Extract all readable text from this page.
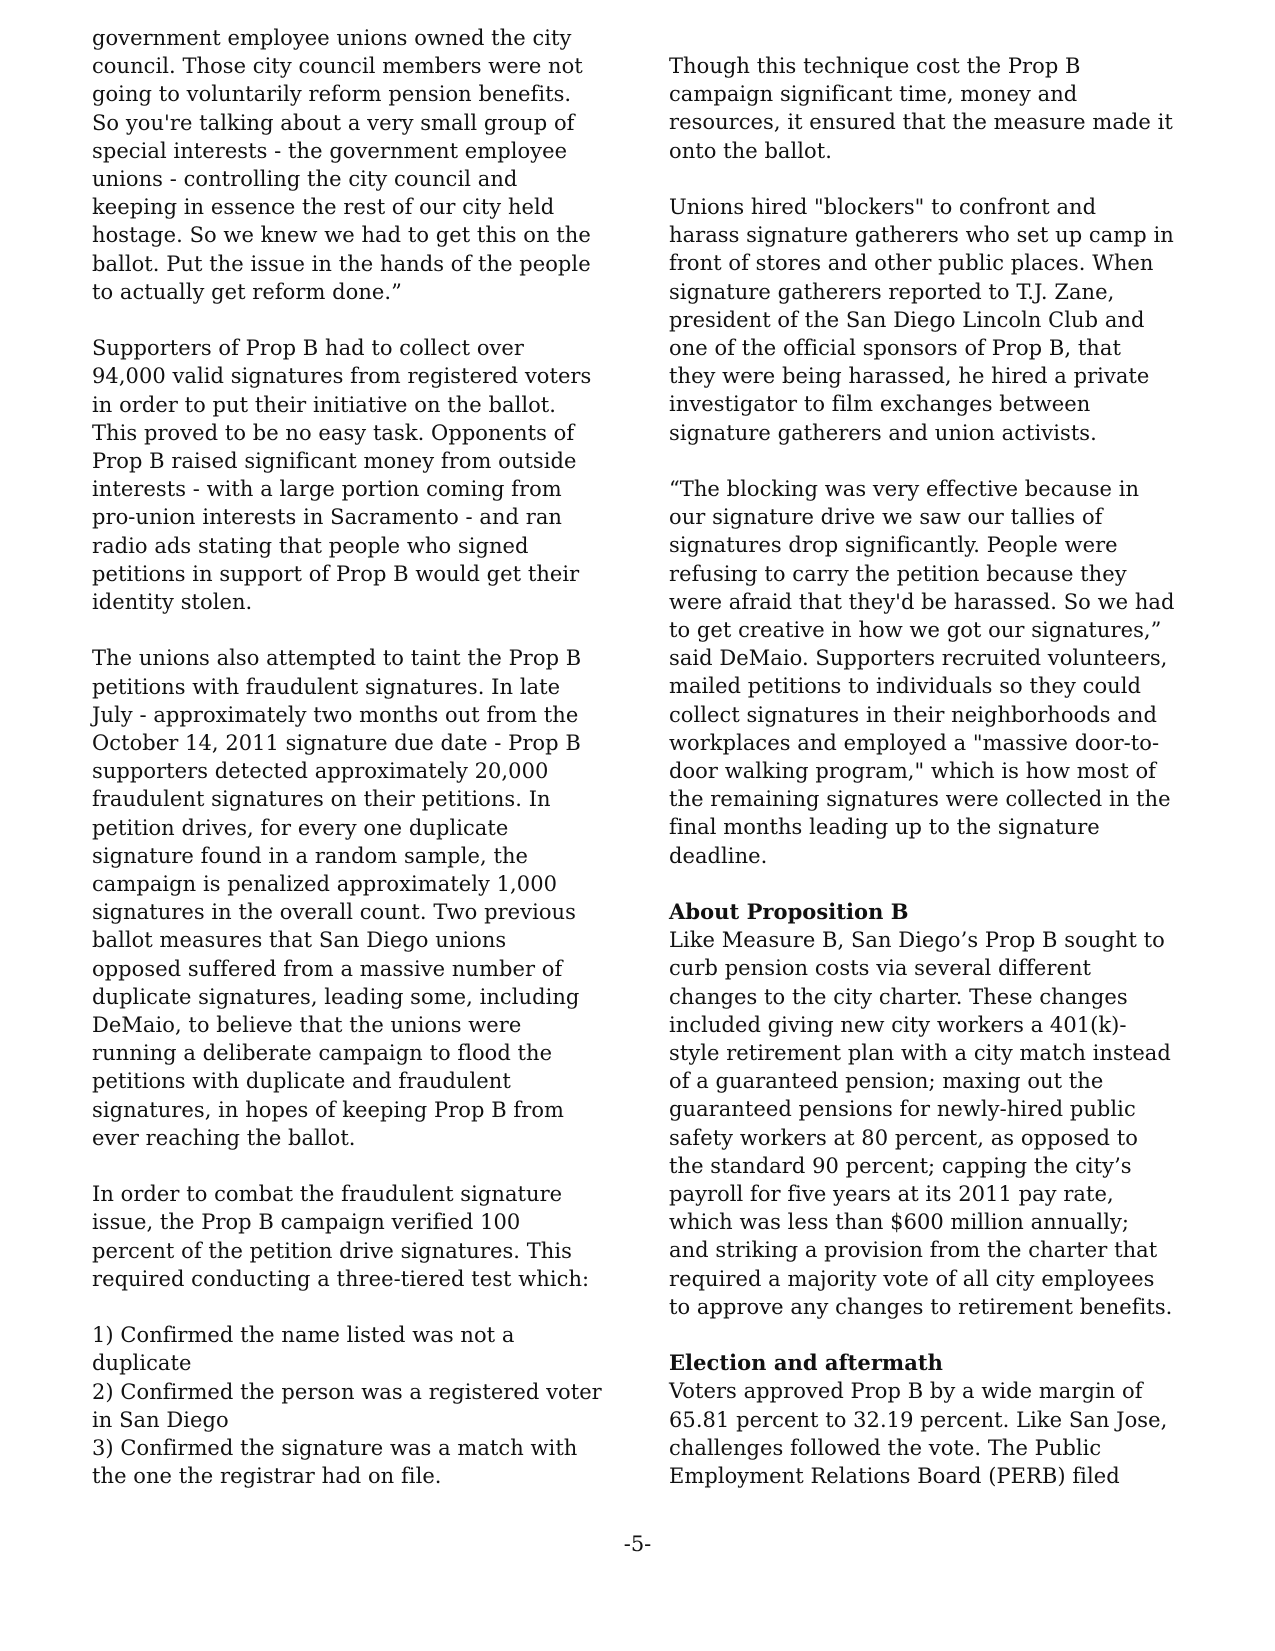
government employee unions owned the city
council. Those city council members were not
going to voluntarily reform pension benefits.
So you're talking about a very small group of
special interests - the government employee
unions - controlling the city council and
keeping in essence the rest of our city held
hostage. So we knew we had to get this on the
ballot. Put the issue in the hands of the people
to actually get reform done.”
Supporters of Prop B had to collect over
94,000 valid signatures from registered voters
in order to put their initiative on the ballot.
This proved to be no easy task. Opponents of
Prop B raised significant money from outside
interests - with a large portion coming from
pro-union interests in Sacramento - and ran
radio ads stating that people who signed
petitions in support of Prop B would get their
identity stolen.
The unions also attempted to taint the Prop B
petitions with fraudulent signatures. In late
July - approximately two months out from the
October 14, 2011 signature due date - Prop B
supporters detected approximately 20,000
fraudulent signatures on their petitions. In
petition drives, for every one duplicate
signature found in a random sample, the
campaign is penalized approximately 1,000
signatures in the overall count. Two previous
ballot measures that San Diego unions
opposed suffered from a massive number of
duplicate signatures, leading some, including
DeMaio, to believe that the unions were
running a deliberate campaign to flood the
petitions with duplicate and fraudulent
signatures, in hopes of keeping Prop B from
ever reaching the ballot.
In order to combat the fraudulent signature
issue, the Prop B campaign verified 100
percent of the petition drive signatures. This
required conducting a three-tiered test which:
1) Confirmed the name listed was not a
duplicate
2) Confirmed the person was a registered voter
in San Diego
3) Confirmed the signature was a match with
the one the registrar had on file.
Though this technique cost the Prop B
campaign significant time, money and
resources, it ensured that the measure made it
onto the ballot.
Unions hired "blockers" to confront and
harass signature gatherers who set up camp in
front of stores and other public places. When
signature gatherers reported to T.J. Zane,
president of the San Diego Lincoln Club and
one of the official sponsors of Prop B, that
they were being harassed, he hired a private
investigator to film exchanges between
signature gatherers and union activists.
“The blocking was very effective because in
our signature drive we saw our tallies of
signatures drop significantly. People were
refusing to carry the petition because they
were afraid that they'd be harassed. So we had
to get creative in how we got our signatures,”
said DeMaio. Supporters recruited volunteers,
mailed petitions to individuals so they could
collect signatures in their neighborhoods and
workplaces and employed a "massive door-to-
door walking program," which is how most of
the remaining signatures were collected in the
final months leading up to the signature
deadline.
About Proposition B
Like Measure B, San Diego’s Prop B sought to
curb pension costs via several different
changes to the city charter. These changes
included giving new city workers a 401(k)-
style retirement plan with a city match instead
of a guaranteed pension; maxing out the
guaranteed pensions for newly-hired public
safety workers at 80 percent, as opposed to
the standard 90 percent; capping the city’s
payroll for five years at its 2011 pay rate,
which was less than $600 million annually;
and striking a provision from the charter that
required a majority vote of all city employees
to approve any changes to retirement benefits.
Election and aftermath
Voters approved Prop B by a wide margin of
65.81 percent to 32.19 percent. Like San Jose,
challenges followed the vote. The Public
Employment Relations Board (PERB) filed
-5-
